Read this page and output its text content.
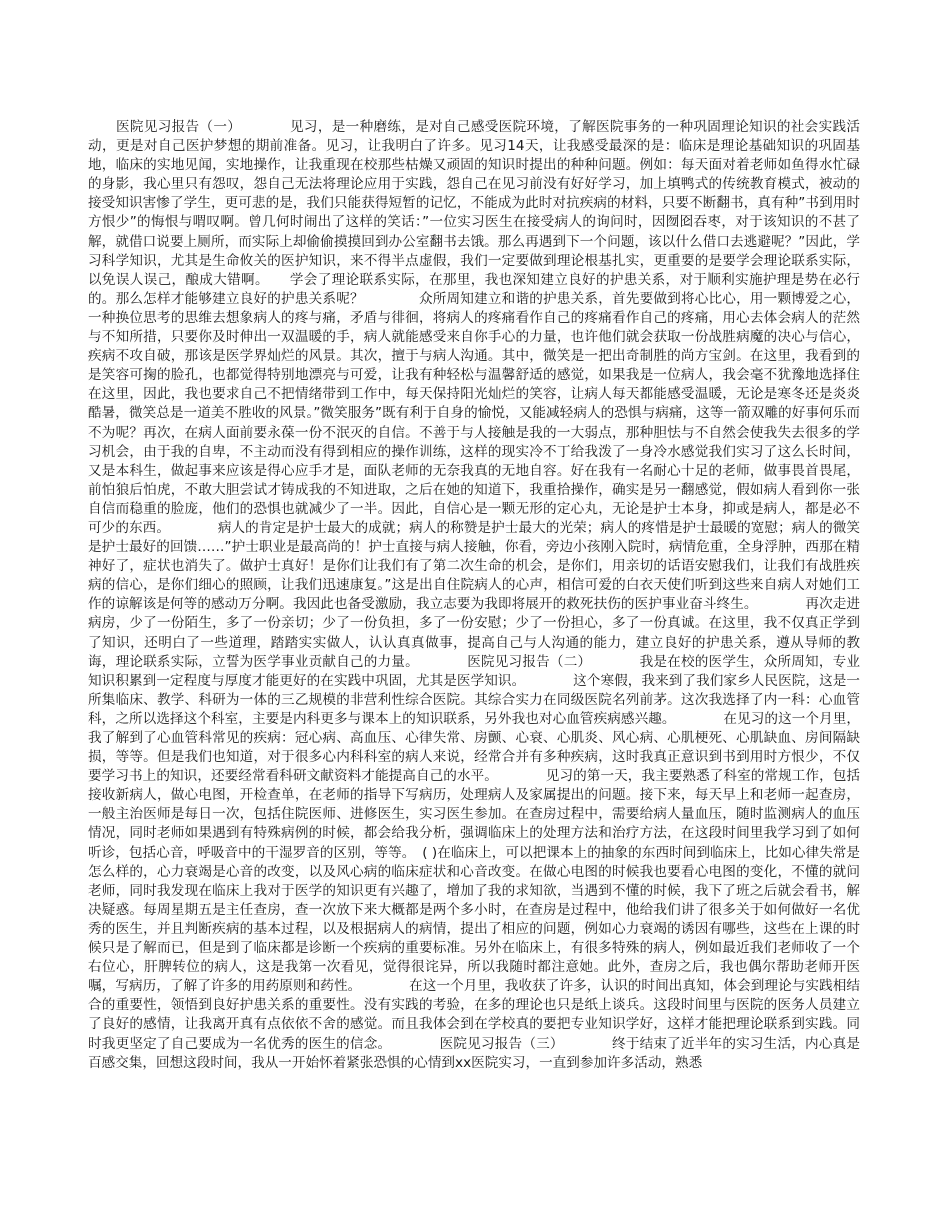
医院见习报告（一）　　　　见习，是一种磨练，是对自己感受医院环境，了解医院事务的一种巩固理论知识的社会实践活动，更是对自己医护梦想的期前准备。见习，让我明白了许多。见习14天，让我感受最深的是：临床是理论基础知识的巩固基地，临床的实地见闻，实地操作，让我重现在校那些枯燥又顽固的知识时提出的种种问题。例如：每天面对着老师如鱼得水忙碌的身影，我心里只有怨叹，怨自己无法将理论应用于实践，怨自己在见习前没有好好学习，加上填鸭式的传统教育模式，被动的接受知识害惨了学生，更可悲的是，我们只能获得短暂的记忆，不能成为此时对抗疾病的材料，只要不断翻书，真有种”书到用时方恨少”的悔恨与喟叹啊。曾几何时闹出了这样的笑话：”一位实习医生在接受病人的询问时，因囫囵吞枣，对于该知识的不甚了解，就借口说要上厕所，而实际上却偷偷摸摸回到办公室翻书去饿。那么再遇到下一个问题，该以什么借口去逃避呢？”因此，学习科学知识，尤其是生命攸关的医护知识，来不得半点虚假，我们一定要做到理论根基扎实，更重要的是要学会理论联系实际，以免误人误己，酿成大错啊。　　学会了理论联系实际，在那里，我也深知建立良好的护患关系，对于顺利实施护理是势在必行的。那么怎样才能够建立良好的护患关系呢？　　　　众所周知建立和谐的护患关系，首先要做到将心比心，用一颗博爱之心，一种换位思考的思维去想象病人的疼与痛，矛盾与徘徊，将病人的疼痛看作自己的疼痛看作自己的疼痛，用心去体会病人的茫然与不知所措，只要你及时伸出一双温暖的手，病人就能感受来自你手心的力量，也许他们就会获取一份战胜病魔的决心与信心，疾病不攻自破，那该是医学界灿烂的风景。其次，擅于与病人沟通。其中，微笑是一把出奇制胜的尚方宝剑。在这里，我看到的是笑容可掬的脸孔，也都觉得特别地漂亮与可爱，让我有种轻松与温馨舒适的感觉，如果我是一位病人，我会毫不犹豫地选择住在这里，因此，我也要求自己不把情绪带到工作中，每天保持阳光灿烂的笑容，让病人每天都能感受温暖，无论是寒冬还是炎炎酷暑，微笑总是一道美不胜收的风景。”微笑服务”既有利于自身的愉悦，又能减轻病人的恐惧与病痛，这等一箭双雕的好事何乐而不为呢？再次，在病人面前要永葆一份不泯灭的自信。不善于与人接触是我的一大弱点，那种胆怯与不自然会使我失去很多的学习机会，由于我的自卑，不主动而没有得到相应的操作训练，这样的现实冷不丁给我泼了一身冷水感觉我们实习了这么长时间，又是本科生，做起事来应该是得心应手才是，面队老师的无奈我真的无地自容。好在我有一名耐心十足的老师，做事畏首畏尾，前怕狼后怕虎，不敢大胆尝试才铸成我的不知进取，之后在她的知道下，我重拾操作，确实是另一翻感觉，假如病人看到你一张自信而稳重的脸庞，他们的恐惧也就减少了一半。因此，自信心是一颗无形的定心丸，无论是护士本身，抑或是病人，都是必不可少的东西。　　　　病人的肯定是护士最大的成就；病人的称赞是护士最大的光荣；病人的疼惜是护士最暖的宽慰；病人的微笑是护士最好的回馈……”护士职业是最高尚的！护士直接与病人接触，你看，旁边小孩刚入院时，病情危重，全身浮肿，西那在精神好了，症状也消失了。做护士真好！是你们让我们有了第二次生命的机会，是你们，用亲切的话语安慰我们，让我们有战胜疾病的信心，是你们细心的照顾，让我们迅速康复。”这是出自住院病人的心声，相信可爱的白衣天使们听到这些来自病人对她们工作的谅解该是何等的感动万分啊。我因此也备受激励，我立志要为我即将展开的救死扶伤的医护事业奋斗终生。　　　　再次走进病房，少了一份陌生，多了一份亲切；少了一份负担，多了一份安慰；少了一份担心，多了一份真诚。在这里，我不仅真正学到了知识，还明白了一些道理，踏踏实实做人，认认真真做事，提高自己与人沟通的能力，建立良好的护患关系，遵从导师的教诲，理论联系实际，立誓为医学事业贡献自己的力量。　　　　医院见习报告（二）　　　　我是在校的医学生，众所周知，专业知识积累到一定程度与厚度才能更好的在实践中巩固，尤其是医学知识。　　　　这个寒假，我来到了我们家乡人民医院，这是一所集临床、教学、科研为一体的三乙规模的非营利性综合医院。其综合实力在同级医院名列前茅。这次我选择了内一科：心血管科，之所以选择这个科室，主要是内科更多与课本上的知识联系，另外我也对心血管疾病感兴趣。　　　　在见习的这一个月里，我了解到了心血管科常见的疾病：冠心病、高血压、心律失常、房颤、心衰、心肌炎、风心病、心肌梗死、心肌缺血、房间隔缺损，等等。但是我们也知道，对于很多心内科科室的病人来说，经常合并有多种疾病，这时我真正意识到书到用时方恨少，不仅要学习书上的知识，还要经常看科研文献资料才能提高自己的水平。　　　　见习的第一天，我主要熟悉了科室的常规工作，包括接收新病人，做心电图，开检查单，在老师的指导下写病历，处理病人及家属提出的问题。接下来，每天早上和老师一起查房，一般主治医师是每日一次，包括住院医师、进修医生，实习医生参加。在查房过程中，需要给病人量血压，随时监测病人的血压情况，同时老师如果遇到有特殊病例的时候，都会给我分析，强调临床上的处理方法和治疗方法，在这段时间里我学习到了如何听诊，包括心音，呼吸音中的干湿罗音的区别，等等。　( )在临床上，可以把课本上的抽象的东西时间到临床上，比如心律失常是怎么样的，心力衰竭是心音的改变，以及风心病的临床症状和心音改变。在做心电图的时候我也要看心电图的变化，不懂的就问老师，同时我发现在临床上我对于医学的知识更有兴趣了，增加了我的求知欲，当遇到不懂的时候，我下了班之后就会看书，解决疑惑。每周星期五是主任查房，查一次放下来大概都是两个多小时，在查房是过程中，他给我们讲了很多关于如何做好一名优秀的医生，并且判断疾病的基本过程，以及根据病人的病情，提出了相应的问题，例如心力衰竭的诱因有哪些，这些在上课的时候只是了解而已，但是到了临床都是诊断一个疾病的重要标准。另外在临床上，有很多特殊的病人，例如最近我们老师收了一个右位心，肝脾转位的病人，这是我第一次看见，觉得很诧异，所以我随时都注意她。此外，查房之后，我也偶尔帮助老师开医嘱，写病历，了解了许多的用药原则和药性。　　　　在这一个月里，我收获了许多，认识的时间出真知，体会到理论与实践相结合的重要性，领悟到良好护患关系的重要性。没有实践的考验，在多的理论也只是纸上谈兵。这段时间里与医院的医务人员建立了良好的感情，让我离开真有点依依不舍的感觉。而且我体会到在学校真的要把专业知识学好，这样才能把理论联系到实践。同时我更坚定了自己要成为一名优秀的医生的信念。　　　　医院见习报告（三）　　　　终于结束了近半年的实习生活，内心真是百感交集，回想这段时间，我从一开始怀着紧张恐惧的心情到xx医院实习，一直到参加许多活动，熟悉
